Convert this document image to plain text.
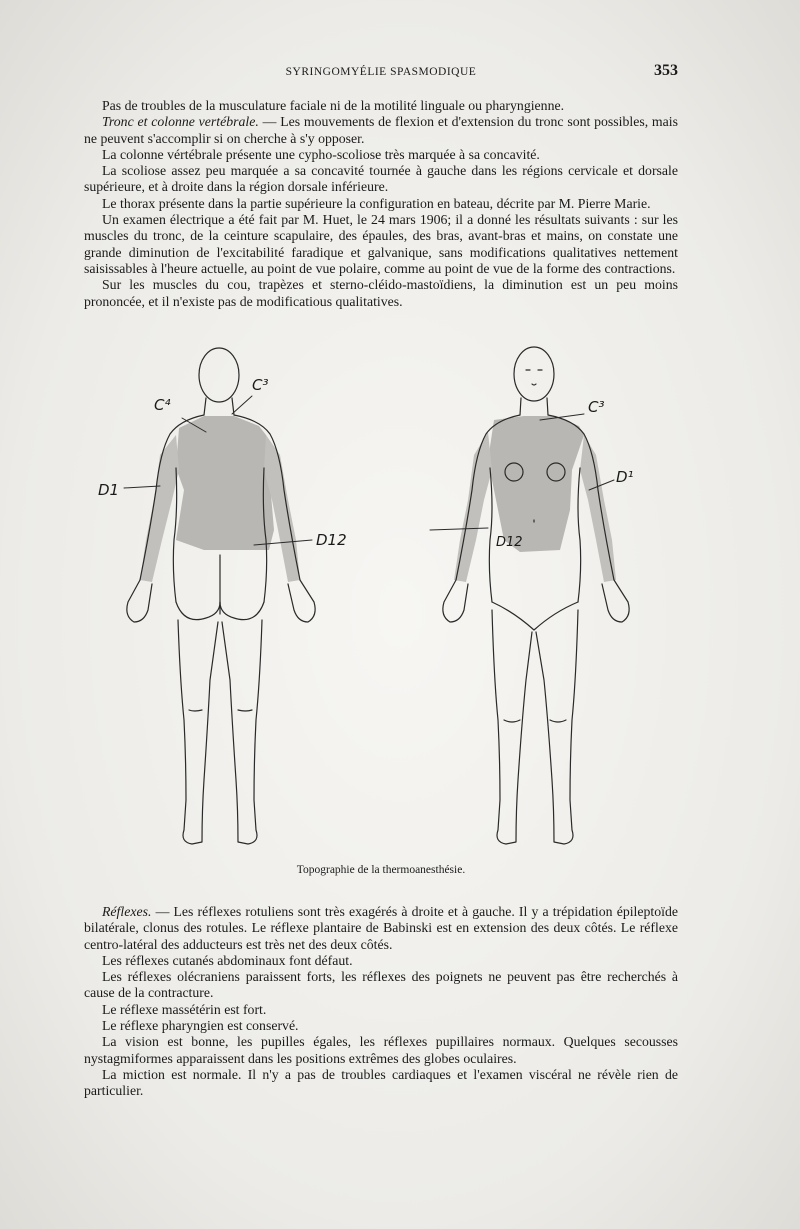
SYRINGOMYÉLIE SPASMODIQUE	353

Pas de troubles de la musculature faciale ni de la motilité linguale ou pharyngienne.

Tronc et colonne vertébrale. — Les mouvements de flexion et d'extension du tronc sont possibles, mais ne peuvent s'accomplir si on cherche à s'y opposer.

La colonne vértébrale présente une cypho-scoliose très marquée à sa concavité.

La scoliose assez peu marquée a sa concavité tournée à gauche dans les régions cervicale et dorsale supérieure, et à droite dans la région dorsale inférieure.

Le thorax présente dans la partie supérieure la configuration en bateau, décrite par M. Pierre Marie.

Un examen électrique a été fait par M. Huet, le 24 mars 1906; il a donné les résultats suivants : sur les muscles du tronc, de la ceinture scapulaire, des épaules, des bras, avant-bras et mains, on constate une grande diminution de l'excitabilité faradique et galvanique, sans modifications qualitatives nettement saisissables à l'heure actuelle, au point de vue polaire, comme au point de vue de la forme des contractions.

Sur les muscles du cou, trapèzes et sterno-cléido-mastoïdiens, la diminution est un peu moins prononcée, et il n'existe pas de modificatious qualitatives.

C⁴
C³
D1
D12
C³
D¹
D12
Topographie de la thermoanesthésie.

Réflexes. — Les réflexes rotuliens sont très exagérés à droite et à gauche. Il y a trépidation épileptoïde bilatérale, clonus des rotules. Le réflexe plantaire de Babinski est en extension des deux côtés. Le réflexe centro-latéral des adducteurs est très net des deux côtés.

Les réflexes cutanés abdominaux font défaut.

Les réflexes olécraniens paraissent forts, les réflexes des poignets ne peuvent pas être recherchés à cause de la contracture.

Le réflexe massétérin est fort.

Le réflexe pharyngien est conservé.

La vision est bonne, les pupilles égales, les réflexes pupillaires normaux. Quelques secousses nystagmiformes apparaissent dans les positions extrêmes des globes oculaires.

La miction est normale. Il n'y a pas de troubles cardiaques et l'examen viscéral ne révèle rien de particulier.
